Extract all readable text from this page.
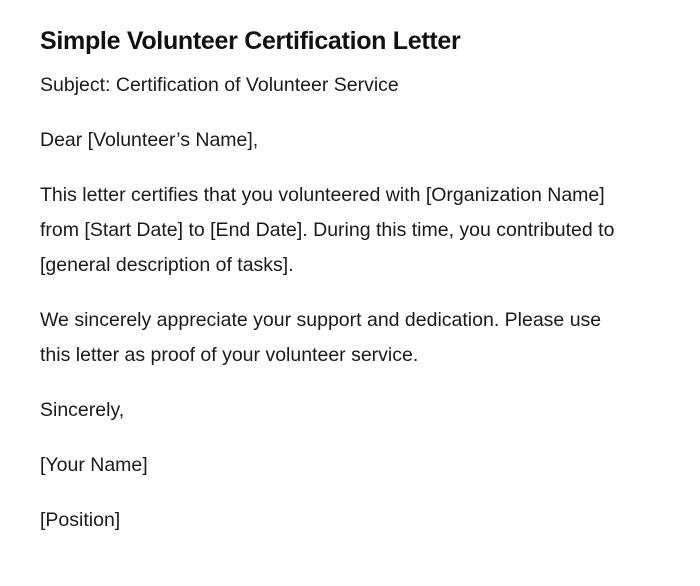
Simple Volunteer Certification Letter

Subject: Certification of Volunteer Service

Dear [Volunteer’s Name],

This letter certifies that you volunteered with [Organization Name] from [Start Date] to [End Date]. During this time, you contributed to [general description of tasks].

We sincerely appreciate your support and dedication. Please use this letter as proof of your volunteer service.

Sincerely,

[Your Name]

[Position]
